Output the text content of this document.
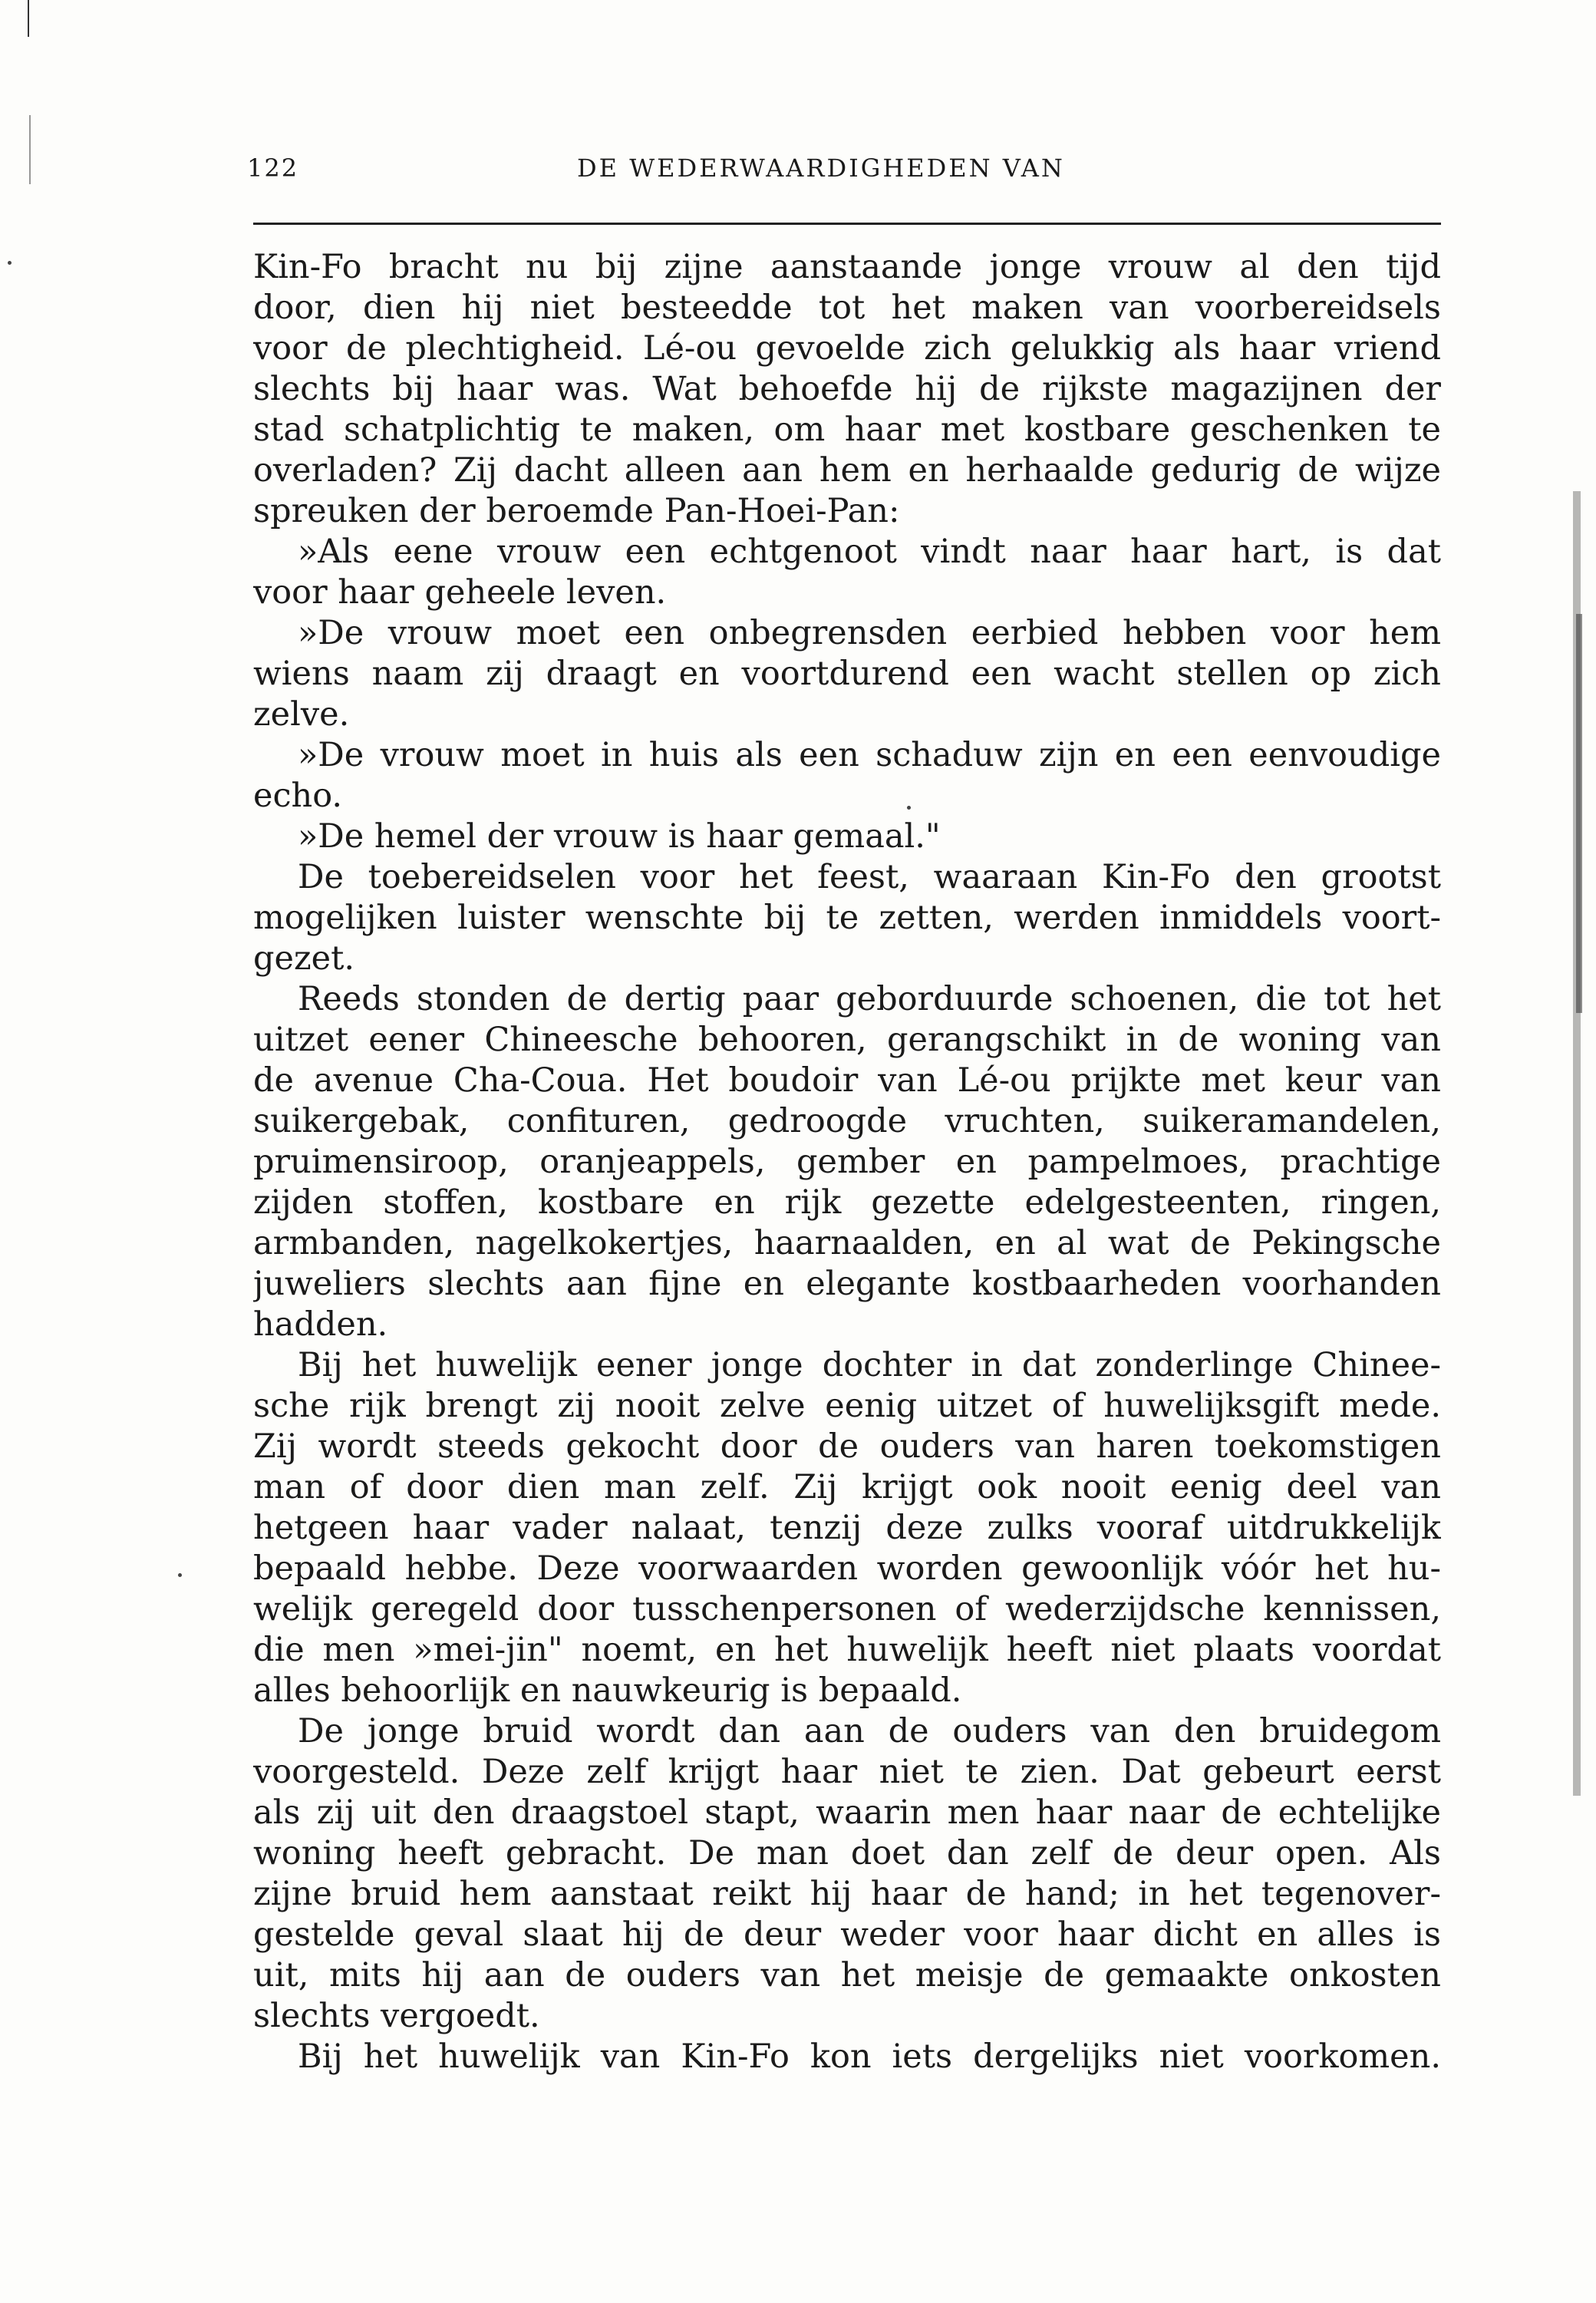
122	DE WEDERWAARDIGHEDEN VAN
Kin-Fo bracht nu bij zijne aanstaande jonge vrouw al den tijd
door, dien hij niet besteedde tot het maken van voorbereidsels
voor de plechtigheid. Lé-ou gevoelde zich gelukkig als haar vriend
slechts bij haar was. Wat behoefde hij de rijkste magazijnen der
stad schatplichtig te maken, om haar met kostbare geschenken te
overladen? Zij dacht alleen aan hem en herhaalde gedurig de wijze
spreuken der beroemde Pan-Hoei-Pan:
»Als eene vrouw een echtgenoot vindt naar haar hart, is dat
voor haar geheele leven.
»De vrouw moet een onbegrensden eerbied hebben voor hem
wiens naam zij draagt en voortdurend een wacht stellen op zich
zelve.
»De vrouw moet in huis als een schaduw zijn en een eenvoudige
echo.
»De hemel der vrouw is haar gemaal."
De toebereidselen voor het feest, waaraan Kin-Fo den grootst
mogelijken luister wenschte bij te zetten, werden inmiddels voort-
gezet.
Reeds stonden de dertig paar geborduurde schoenen, die tot het
uitzet eener Chineesche behooren, gerangschikt in de woning van
de avenue Cha-Coua. Het boudoir van Lé-ou prijkte met keur van
suikergebak, confituren, gedroogde vruchten, suikeramandelen,
pruimensiroop, oranjeappels, gember en pampelmoes, prachtige
zijden stoffen, kostbare en rijk gezette edelgesteenten, ringen,
armbanden, nagelkokertjes, haarnaalden, en al wat de Pekingsche
juweliers slechts aan fijne en elegante kostbaarheden voorhanden
hadden.
Bij het huwelijk eener jonge dochter in dat zonderlinge Chinee-
sche rijk brengt zij nooit zelve eenig uitzet of huwelijksgift mede.
Zij wordt steeds gekocht door de ouders van haren toekomstigen
man of door dien man zelf. Zij krijgt ook nooit eenig deel van
hetgeen haar vader nalaat, tenzij deze zulks vooraf uitdrukkelijk
bepaald hebbe. Deze voorwaarden worden gewoonlijk vóór het hu-
welijk geregeld door tusschenpersonen of wederzijdsche kennissen,
die men »mei-jin" noemt, en het huwelijk heeft niet plaats voordat
alles behoorlijk en nauwkeurig is bepaald.
De jonge bruid wordt dan aan de ouders van den bruidegom
voorgesteld. Deze zelf krijgt haar niet te zien. Dat gebeurt eerst
als zij uit den draagstoel stapt, waarin men haar naar de echtelijke
woning heeft gebracht. De man doet dan zelf de deur open. Als
zijne bruid hem aanstaat reikt hij haar de hand; in het tegenover-
gestelde geval slaat hij de deur weder voor haar dicht en alles is
uit, mits hij aan de ouders van het meisje de gemaakte onkosten
slechts vergoedt.
Bij het huwelijk van Kin-Fo kon iets dergelijks niet voorkomen.
